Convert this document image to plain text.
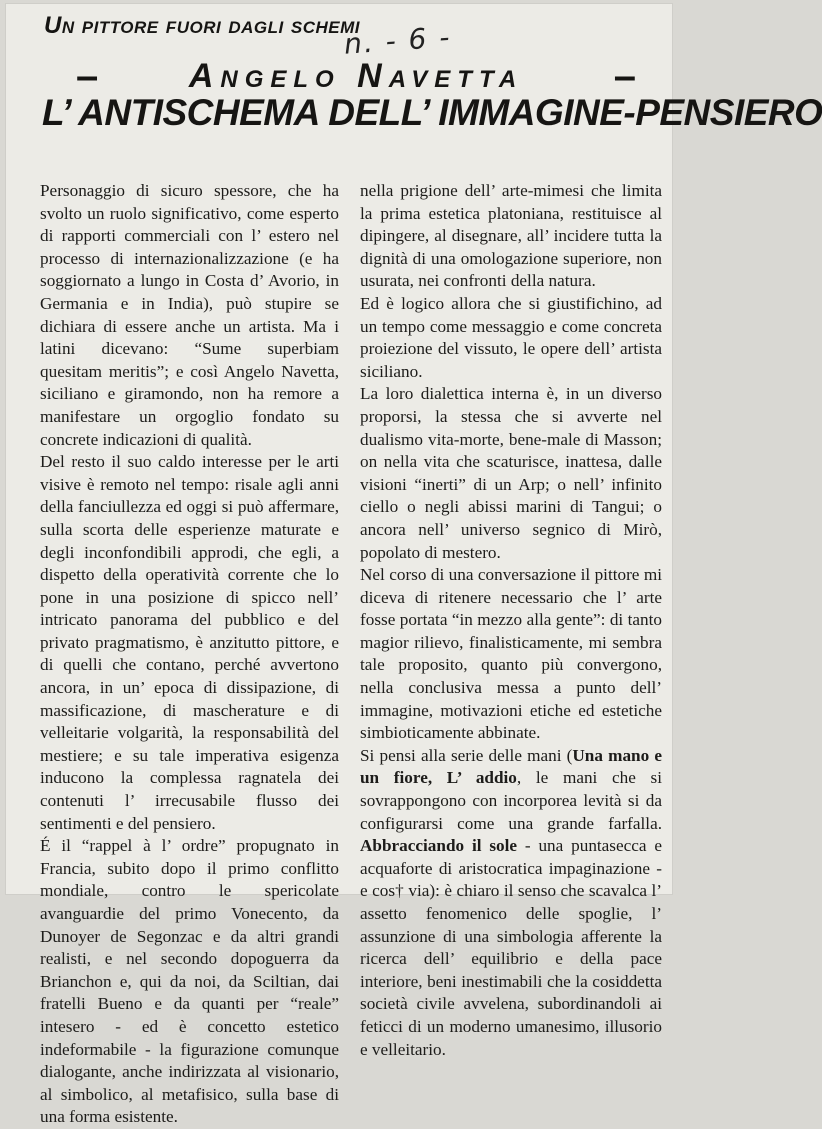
Un pittore fuori dagli schemi
n. - 6 -
–	Angelo Navetta –
L’ ANTISCHEMA DELL’ IMMAGINE-PENSIERO

Personaggio di sicuro spessore, che ha svolto un ruolo significativo, come esperto di rapporti commerciali con l’ estero nel processo di internazionalizzazione (e ha soggiornato a lungo in Costa d’ Avorio, in Germania e in India), può stupire se dichiara di essere anche un artista. Ma i latini dicevano: “Sume superbiam quesitam meritis”; e così Angelo Navetta, siciliano e giramondo, non ha remore a manifestare un orgoglio fondato su concrete indicazioni di qualità.

Del resto il suo caldo interesse per le arti visive è remoto nel tempo: risale agli anni della fanciullezza ed oggi si può affermare, sulla scorta delle esperienze maturate e degli inconfondibili approdi, che egli, a dispetto della operatività corrente che lo pone in una posizione di spicco nell’ intricato panorama del pubblico e del privato pragmatismo, è anzitutto pittore, e di quelli che contano, perché avvertono ancora, in un’ epoca di dissipazione, di massificazione, di mascherature e di velleitarie volgarità, la responsabilità del mestiere; e su tale imperativa esigenza inducono la complessa ragnatela dei contenuti l’ irrecusabile flusso dei sentimenti e del pensiero.

É il “rappel à l’ ordre” propugnato in Francia, subito dopo il primo conflitto mondiale, contro le spericolate avanguardie del primo Vonecento, da Dunoyer de Segonzac e da altri grandi realisti, e nel secondo dopoguerra da Brianchon e, qui da noi, da Sciltian, dai fratelli Bueno e da quanti per “reale” intesero - ed è concetto estetico indeformabile - la figurazione comunque dialogante, anche indirizzata al visionario, al simbolico, al metafisico, sulla base di una forma esistente.

nella prigione dell’ arte-mimesi che limita la prima estetica platoniana, restituisce al dipingere, al disegnare, all’ incidere tutta la dignità di una omologazione superiore, non usurata, nei confronti della natura.

Ed è logico allora che si giustifichino, ad un tempo come messaggio e come concreta proiezione del vissuto, le opere dell’ artista siciliano.

La loro dialettica interna è, in un diverso proporsi, la stessa che si avverte nel dualismo vita-morte, bene-male di Masson; on nella vita che scaturisce, inattesa, dalle visioni “inerti” di un Arp; o nell’ infinito ciello o negli abissi marini di Tangui; o ancora nell’ universo segnico di Mirò, popolato di mestero.

Nel corso di una conversazione il pittore mi diceva di ritenere necessario che l’ arte fosse portata “in mezzo alla gente”: di tanto magior rilievo, finalisticamente, mi sembra tale proposito, quanto più convergono, nella conclusiva messa a punto dell’ immagine, motivazioni etiche ed estetiche simbioticamente abbinate.

Si pensi alla serie delle mani (Una mano e un fiore, L’ addio, le mani che si sovrappongono con incorporea levità si da configurarsi come una grande farfalla. Abbracciando il sole - una puntasecca e acquaforte di aristocratica impaginazione - e cos† via): è chiaro il senso che scavalca l’ assetto fenomenico delle spoglie, l’ assunzione di una simbologia afferente la ricerca dell’ equilibrio e della pace interiore, beni inestimabili che la cosiddetta società civile avvelena, subordinandoli ai feticci di un moderno umanesimo, illusorio e velleitario.
